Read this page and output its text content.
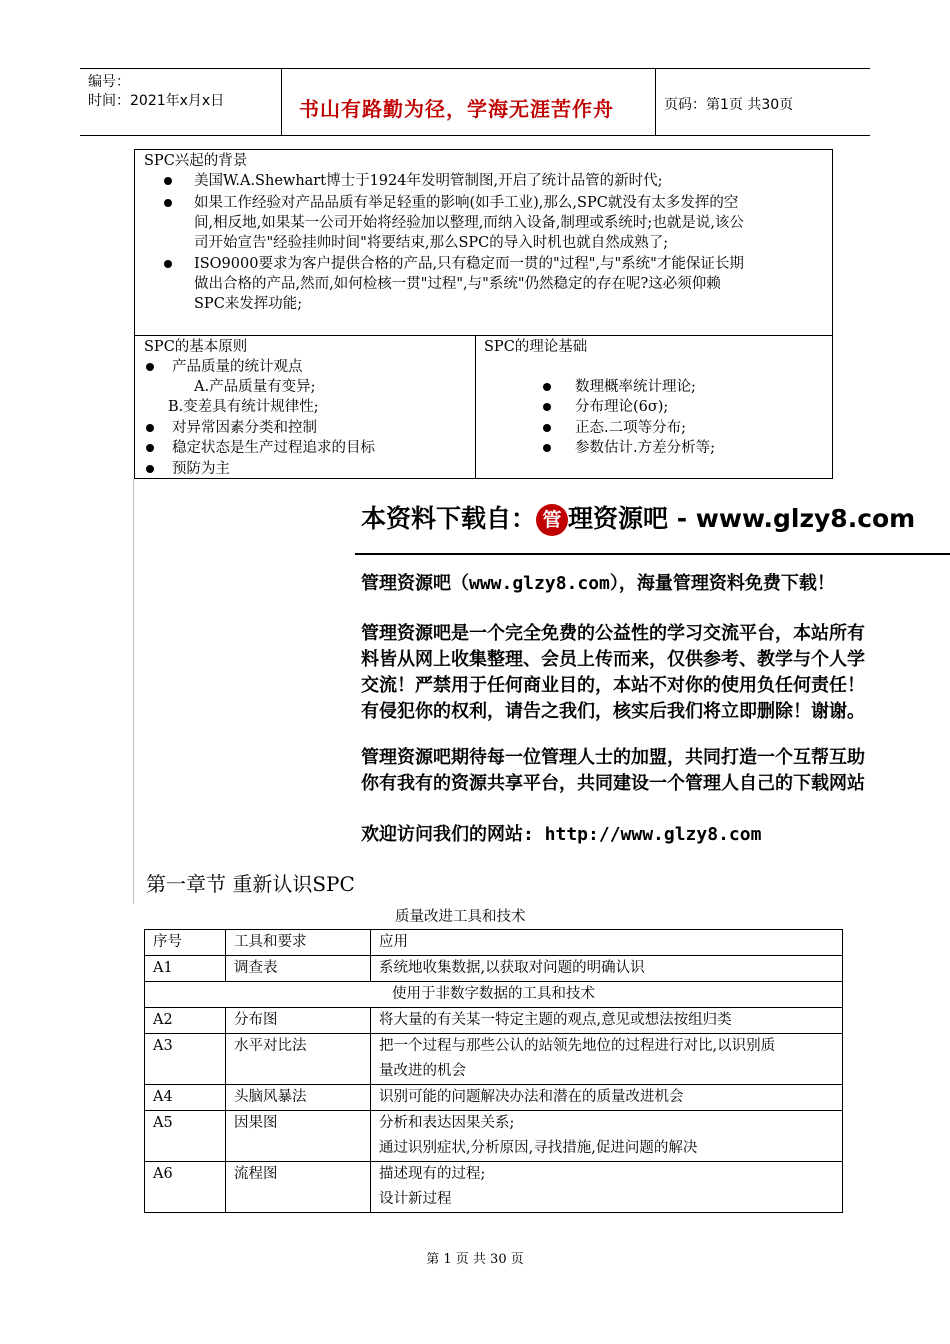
编号：
时间：2021年x月x日	书山有路勤为径，学海无涯苦作舟	页码：第1页 共30页
SPC兴起的背景
美国W.A.Shewhart博士于1924年发明管制图,开启了统计品管的新时代;
如果工作经验对产品品质有举足轻重的影响(如手工业),那么,SPC就没有太多发挥的空
间,相反地,如果某一公司开始将经验加以整理,而纳入设备,制理或系统时;也就是说,该公
司开始宣告"经验挂帅时间"将要结束,那么SPC的导入时机也就自然成熟了;
ISO9000要求为客户提供合格的产品,只有稳定而一贯的"过程",与"系统"才能保证长期
做出合格的产品,然而,如何检核一贯"过程",与"系统"仍然稳定的存在呢?这必须仰赖
SPC来发挥功能;
SPC的基本原则
产品质量的统计观点
A.产品质量有变异;
B.变差具有统计规律性;
对异常因素分类和控制
稳定状态是生产过程追求的目标
预防为主
SPC的理论基础
数理概率统计理论;
分布理论(6σ);
正态.二项等分布;
参数估计.方差分析等;
本资料下载自： 管 理资源吧 - www.glzy8.com
管理资源吧（www.glzy8.com），海量管理资料免费下载！
管理资源吧是一个完全免费的公益性的学习交流平台，本站所有
料皆从网上收集整理、会员上传而来，仅供参考、教学与个人学
交流！严禁用于任何商业目的，本站不对你的使用负任何责任！
有侵犯你的权利，请告之我们，核实后我们将立即删除！谢谢。
管理资源吧期待每一位管理人士的加盟，共同打造一个互帮互助
你有我有的资源共享平台，共同建设一个管理人自己的下载网站
欢迎访问我们的网站: http://www.glzy8.com
第一章节 重新认识SPC
质量改进工具和技术
序号	工具和要求	应用
A1	调查表	系统地收集数据,以获取对问题的明确认识
使用于非数字数据的工具和技术		
A2	分布图	将大量的有关某一特定主题的观点,意见或想法按组归类
A3	水平对比法	把一个过程与那些公认的站领先地位的过程进行对比,以识别质
量改进的机会

A4	头脑风暴法	识别可能的问题解决办法和潜在的质量改进机会
A5	因果图	分析和表达因果关系;
通过识别症状,分析原因,寻找措施,促进问题的解决

A6	流程图	描述现有的过程;
设计新过程
第 1 页 共 30 页
